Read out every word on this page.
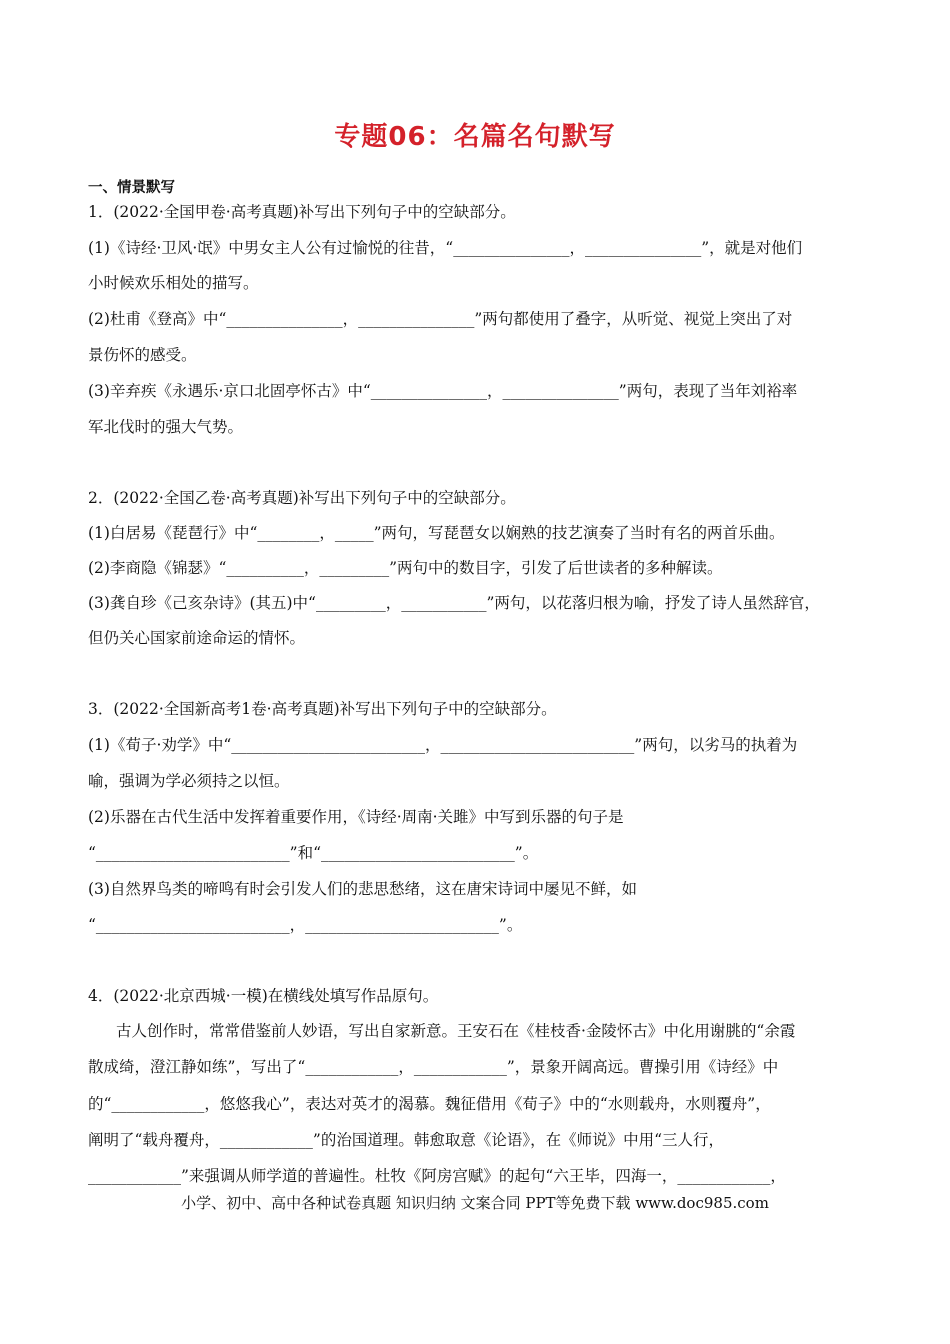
专题06：名篇名句默写
一、情景默写
1．(2022·全国甲卷·高考真题)补写出下列句子中的空缺部分。
(1)《诗经·卫风·氓》中男女主人公有过愉悦的往昔，“_______________，_______________”，就是对他们
小时候欢乐相处的描写。
(2)杜甫《登高》中“_______________，_______________”两句都使用了叠字，从听觉、视觉上突出了对
景伤怀的感受。
(3)辛弃疾《永遇乐·京口北固亭怀古》中“_______________，_______________”两句，表现了当年刘裕率
军北伐时的强大气势。
2．(2022·全国乙卷·高考真题)补写出下列句子中的空缺部分。
(1)白居易《琵琶行》中“________，_____”两句，写琵琶女以娴熟的技艺演奏了当时有名的两首乐曲。
(2)李商隐《锦瑟》“__________，_________”两句中的数目字，引发了后世读者的多种解读。
(3)龚自珍《己亥杂诗》(其五)中“_________，___________”两句，以花落归根为喻，抒发了诗人虽然辞官，
但仍关心国家前途命运的情怀。
3．(2022·全国新高考1卷·高考真题)补写出下列句子中的空缺部分。
(1)《荀子·劝学》中“_________________________，_________________________”两句，以劣马的执着为
喻，强调为学必须持之以恒。
(2)乐器在古代生活中发挥着重要作用，《诗经·周南·关雎》中写到乐器的句子是
“_________________________”和“_________________________”。
(3)自然界鸟类的啼鸣有时会引发人们的悲思愁绪，这在唐宋诗词中屡见不鲜，如
“_________________________，_________________________”。
4．(2022·北京西城·一模)在横线处填写作品原句。
古人创作时，常常借鉴前人妙语，写出自家新意。王安石在《桂枝香·金陵怀古》中化用谢朓的“余霞
散成绮，澄江静如练”，写出了“____________，____________”，景象开阔高远。曹操引用《诗经》中
的“____________，悠悠我心”，表达对英才的渴慕。魏征借用《荀子》中的“水则载舟，水则覆舟”，
阐明了“载舟覆舟，____________”的治国道理。韩愈取意《论语》，在《师说》中用“三人行，
____________”来强调从师学道的普遍性。杜牧《阿房宫赋》的起句“六王毕，四海一，____________，
小学、初中、高中各种试卷真题 知识归纳 文案合同 PPT等免费下载 www.doc985.com
